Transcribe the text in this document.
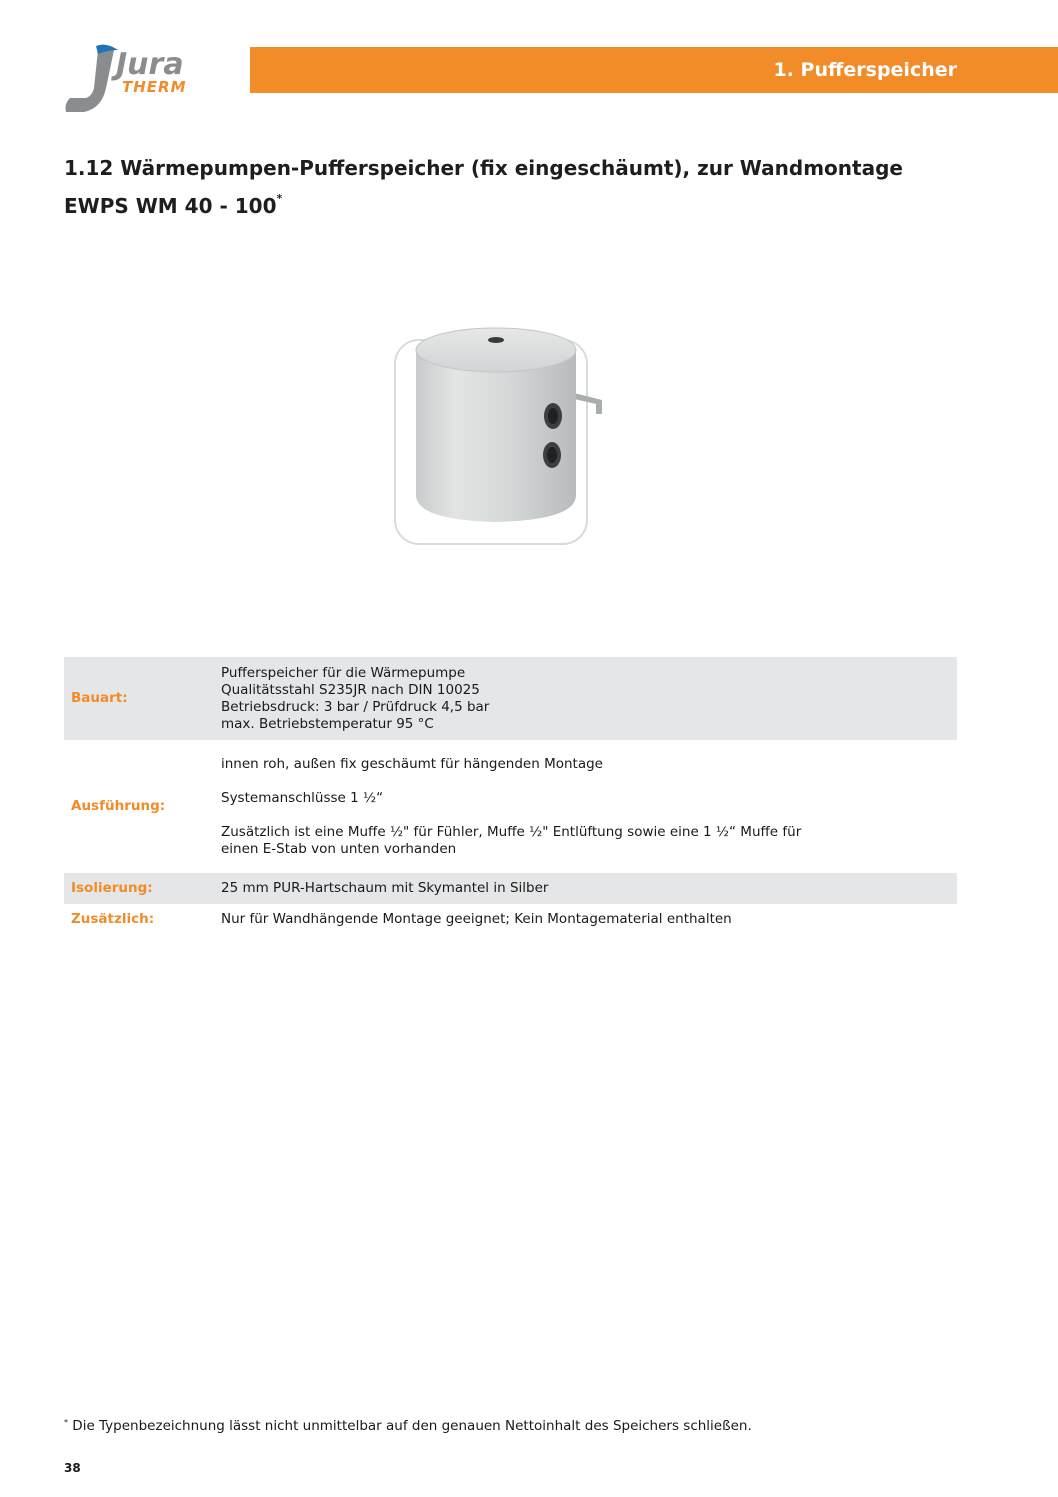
Jura
THERM
1. Pufferspeicher
1.12 Wärmepumpen-Pufferspeicher (fix eingeschäumt), zur Wandmontage
EWPS WM 40 - 100*
Bauart:	Pufferspeicher für die Wärmepumpe
Qualitätsstahl S235JR nach DIN 10025
Betriebsdruck: 3 bar / Prüfdruck 4,5 bar
max. Betriebstemperatur 95 °C

Ausführung:	innen roh, außen fix geschäumt für hängenden Montage
Systemanschlüsse 1 ½“
Zusätzlich ist eine Muffe ½" für Fühler, Muffe ½" Entlüftung sowie eine 1 ½“ Muffe für
einen E-Stab von unten vorhanden

Isolierung:	25 mm PUR-Hartschaum mit Skymantel in Silber
Zusätzlich:	Nur für Wandhängende Montage geeignet; Kein Montagematerial enthalten
* Die Typenbezeichnung lässt nicht unmittelbar auf den genauen Nettoinhalt des Speichers schließen.
38
